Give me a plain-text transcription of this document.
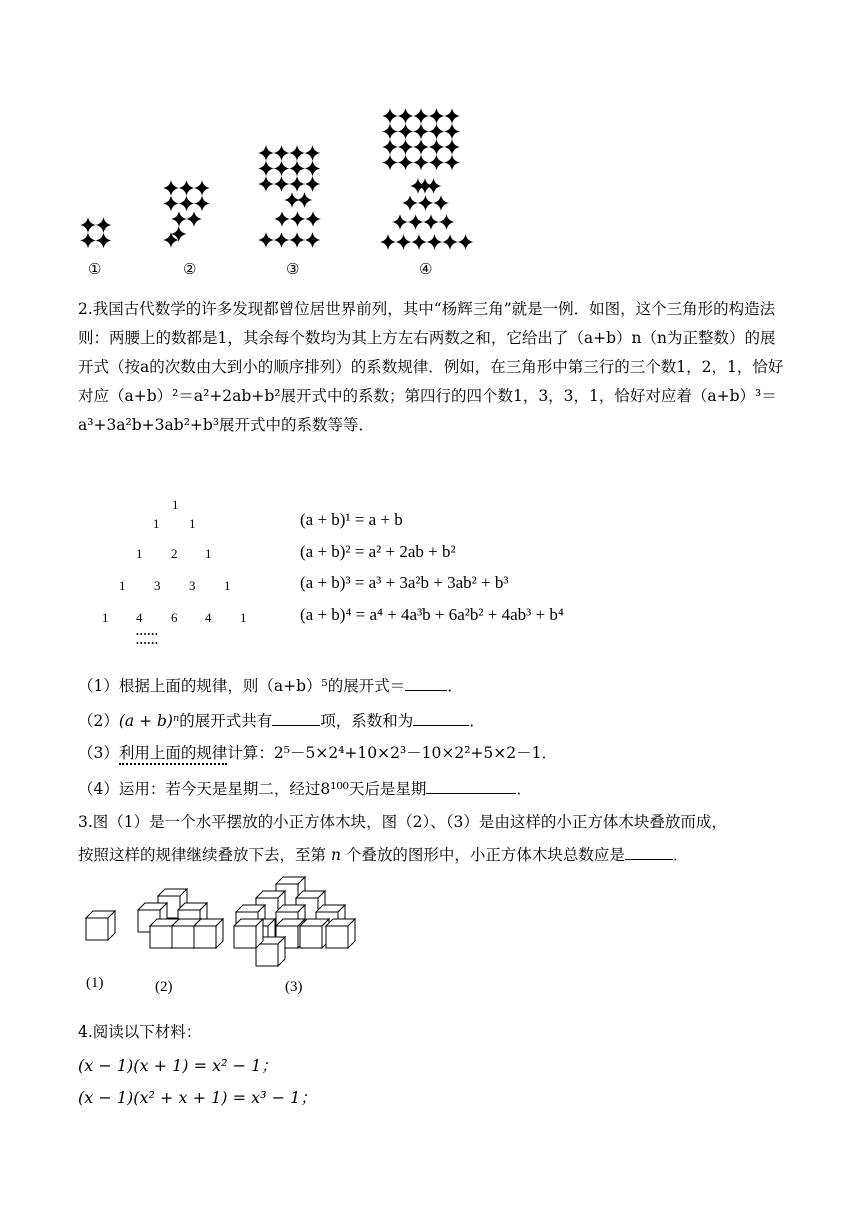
①	②	③	④
2.我国古代数学的许多发现都曾位居世界前列，其中“杨辉三角”就是一例．如图，这个三角形的构造法则：两腰上的数都是1，其余每个数均为其上方左右两数之和，它给出了（a+b）n（n为正整数）的展开式（按a的次数由大到小的顺序排列）的系数规律．例如，在三角形中第三行的三个数1，2，1，恰好对应（a+b）²＝a²+2ab+b²展开式中的系数；第四行的四个数1，3，3，1，恰好对应着（a+b）³＝a³+3a²b+3ab²+b³展开式中的系数等等．
1
1 1
1 2 1
1 3 3 1
1 4 6 4 1
•••••• ••••••
(a + b)¹ = a + b
(a + b)² = a² + 2ab + b²
(a + b)³ = a³ + 3a²b + 3ab² + b³
(a + b)⁴ = a⁴ + 4a³b + 6a²b² + 4ab³ + b⁴
（1）根据上面的规律，则（a+b）⁵的展开式＝	．
（2）(a + b)ⁿ的展开式共有	项，系数和为	．
（3）利用上面的规律计算：2⁵－5×2⁴+10×2³－10×2²+5×2－1．
（4）运用：若今天是星期二，经过8¹⁰⁰天后是星期	．
3.图（1）是一个水平摆放的小正方体木块，图（2）、（3）是由这样的小正方体木块叠放而成，
按照这样的规律继续叠放下去，至第 n 个叠放的图形中，小正方体木块总数应是	．
(1)	(2)	(3)
4.阅读以下材料：
(x − 1)(x + 1) = x² − 1；
(x − 1)(x² + x + 1) = x³ − 1；
